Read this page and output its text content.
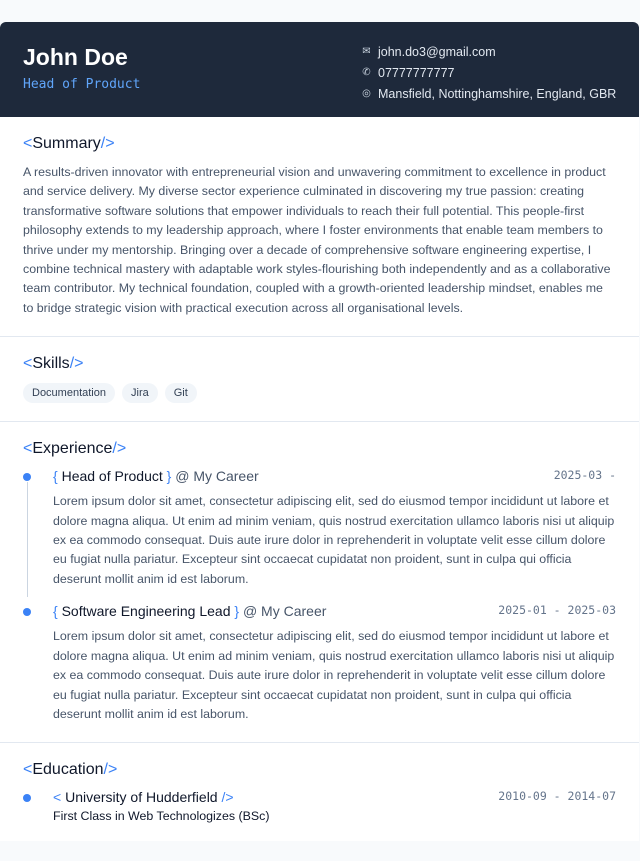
John Doe
Head of Product
✉ john.do3@gmail.com
✆ 07777777777
◎ Mansfield, Nottinghamshire, England, GBR
<Summary/>

A results-driven innovator with entrepreneurial vision and unwavering commitment to excellence in product and service delivery. My diverse sector experience culminated in discovering my true passion: creating transformative software solutions that empower individuals to reach their full potential. This people-first philosophy extends to my leadership approach, where I foster environments that enable team members to thrive under my mentorship. Bringing over a decade of comprehensive software engineering expertise, I combine technical mastery with adaptable work styles-flourishing both independently and as a collaborative team contributor. My technical foundation, coupled with a growth-oriented leadership mindset, enables me to bridge strategic vision with practical execution across all organisational levels.

<Skills/>
Documentation	Jira	Git
<Experience/>
{ Head of Product } @ My Career	2025-03 -
Lorem ipsum dolor sit amet, consectetur adipiscing elit, sed do eiusmod tempor incididunt ut labore et dolore magna aliqua. Ut enim ad minim veniam, quis nostrud exercitation ullamco laboris nisi ut aliquip ex ea commodo consequat. Duis aute irure dolor in reprehenderit in voluptate velit esse cillum dolore eu fugiat nulla pariatur. Excepteur sint occaecat cupidatat non proident, sunt in culpa qui officia deserunt mollit anim id est laborum.
{ Software Engineering Lead } @ My Career	2025-01 - 2025-03
Lorem ipsum dolor sit amet, consectetur adipiscing elit, sed do eiusmod tempor incididunt ut labore et dolore magna aliqua. Ut enim ad minim veniam, quis nostrud exercitation ullamco laboris nisi ut aliquip ex ea commodo consequat. Duis aute irure dolor in reprehenderit in voluptate velit esse cillum dolore eu fugiat nulla pariatur. Excepteur sint occaecat cupidatat non proident, sunt in culpa qui officia deserunt mollit anim id est laborum.
<Education/>
< University of Hudderfield />	2010-09 - 2014-07
First Class in Web Technologizes (BSc)
